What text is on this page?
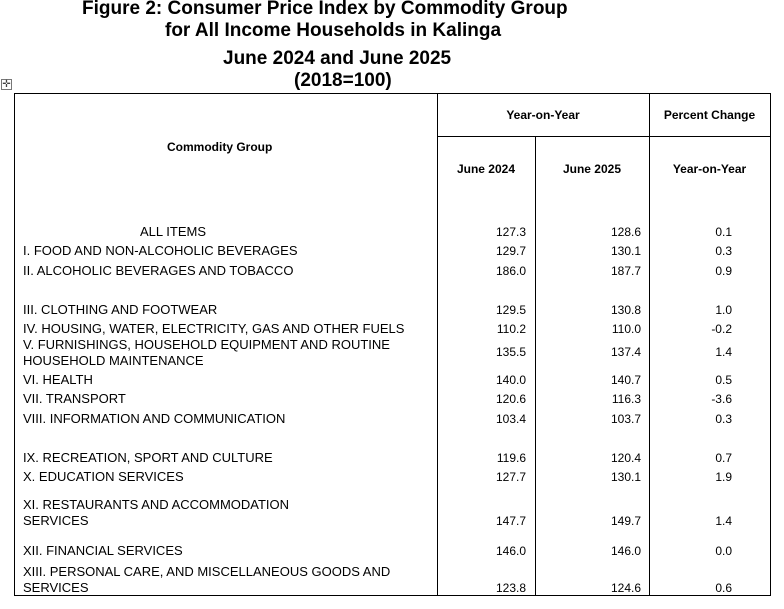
Figure 2: Consumer Price Index by Commodity Group
for All Income Households in Kalinga
June 2024 and June 2025
(2018=100)
✛
Commodity Group
Year-on-Year	Percent Change
June 2024	June 2025	Year-on-Year
ALL ITEMS	127.3	128.6	0.1
I. FOOD AND NON-ALCOHOLIC BEVERAGES	129.7	130.1	0.3
II. ALCOHOLIC BEVERAGES AND TOBACCO	186.0	187.7	0.9
III. CLOTHING AND FOOTWEAR	129.5	130.8	1.0
IV. HOUSING, WATER, ELECTRICITY, GAS AND OTHER FUELS	110.2	110.0	-0.2
V. FURNISHINGS, HOUSEHOLD EQUIPMENT AND ROUTINE HOUSEHOLD MAINTENANCE
135.5	137.4	1.4
VI. HEALTH	140.0	140.7	0.5
VII. TRANSPORT	120.6	116.3	-3.6
VIII. INFORMATION AND COMMUNICATION	103.4	103.7	0.3
IX. RECREATION, SPORT AND CULTURE	119.6	120.4	0.7
X. EDUCATION SERVICES	127.7	130.1	1.9
XI. RESTAURANTS AND ACCOMMODATION SERVICES	147.7	149.7	1.4
XII. FINANCIAL SERVICES	146.0	146.0	0.0
XIII. PERSONAL CARE, AND MISCELLANEOUS GOODS AND SERVICES	123.8	124.6	0.6
